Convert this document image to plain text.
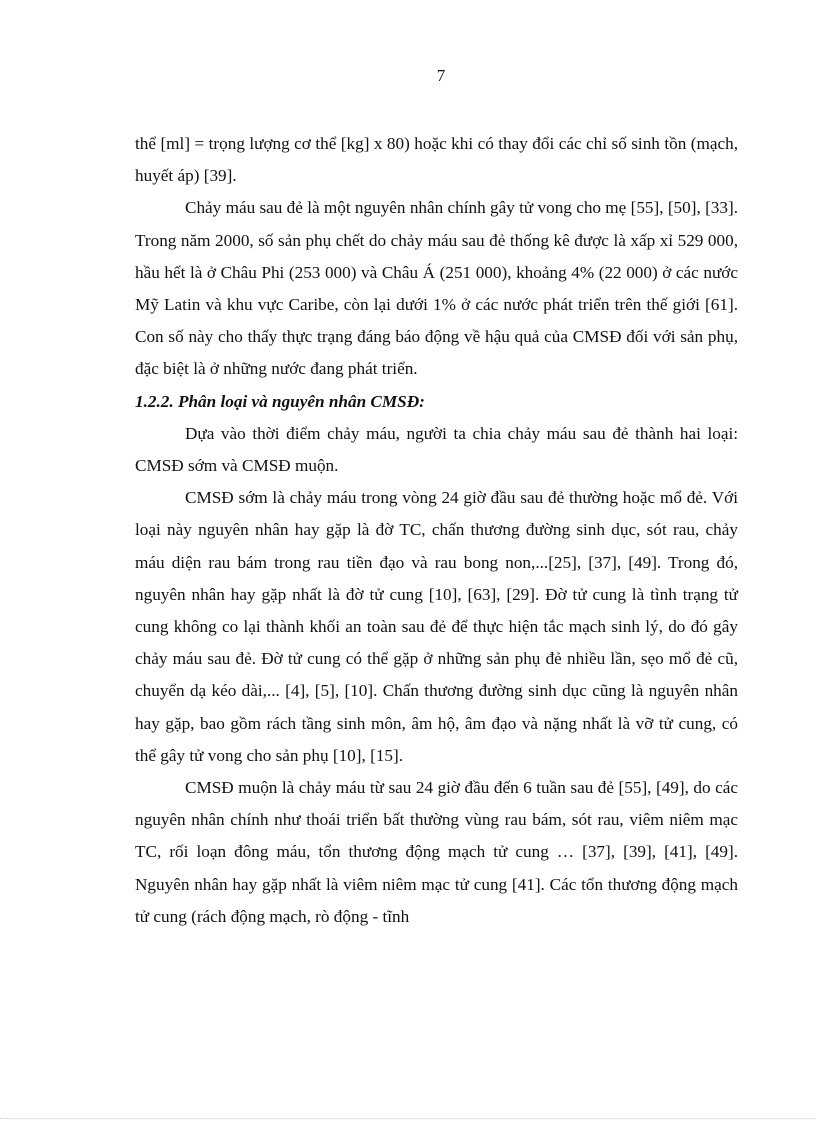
7

thể [ml] = trọng lượng cơ thể [kg] x 80) hoặc khi có thay đổi các chỉ số sinh tồn (mạch, huyết áp) [39].

Chảy máu sau đẻ là một nguyên nhân chính gây tử vong cho mẹ [55], [50], [33]. Trong năm 2000, số sản phụ chết do chảy máu sau đẻ thống kê được là xấp xỉ 529 000, hầu hết là ở Châu Phi (253 000) và Châu Á (251 000), khoảng 4% (22 000) ở các nước Mỹ Latin và khu vực Caribe, còn lại dưới 1% ở các nước phát triển trên thế giới [61]. Con số này cho thấy thực trạng đáng báo động về hậu quả của CMSĐ đối với sản phụ, đặc biệt là ở những nước đang phát triển.

1.2.2. Phân loại và nguyên nhân CMSĐ:

Dựa vào thời điểm chảy máu, người ta chia chảy máu sau đẻ thành hai loại: CMSĐ sớm và CMSĐ muộn.

CMSĐ sớm là chảy máu trong vòng 24 giờ đầu sau đẻ thường hoặc mổ đẻ. Với loại này nguyên nhân hay gặp là đờ TC, chấn thương đường sinh dục, sót rau, chảy máu diện rau bám trong rau tiền đạo và rau bong non,...[25], [37], [49]. Trong đó, nguyên nhân hay gặp nhất là đờ tử cung [10], [63], [29]. Đờ tử cung là tình trạng tử cung không co lại thành khối an toàn sau đẻ để thực hiện tắc mạch sinh lý, do đó gây chảy máu sau đẻ. Đờ tử cung có thể gặp ở những sản phụ đẻ nhiều lần, sẹo mổ đẻ cũ, chuyển dạ kéo dài,... [4], [5], [10]. Chấn thương đường sinh dục cũng là nguyên nhân hay gặp, bao gồm rách tầng sinh môn, âm hộ, âm đạo và nặng nhất là vỡ tử cung, có thể gây tử vong cho sản phụ [10], [15].

CMSĐ muộn là chảy máu từ sau 24 giờ đầu đến 6 tuần sau đẻ [55], [49], do các nguyên nhân chính như thoái triển bất thường vùng rau bám, sót rau, viêm niêm mạc TC, rối loạn đông máu, tổn thương động mạch tử cung … [37], [39], [41], [49]. Nguyên nhân hay gặp nhất là viêm niêm mạc tử cung [41]. Các tổn thương động mạch tử cung (rách động mạch, rò động - tĩnh
